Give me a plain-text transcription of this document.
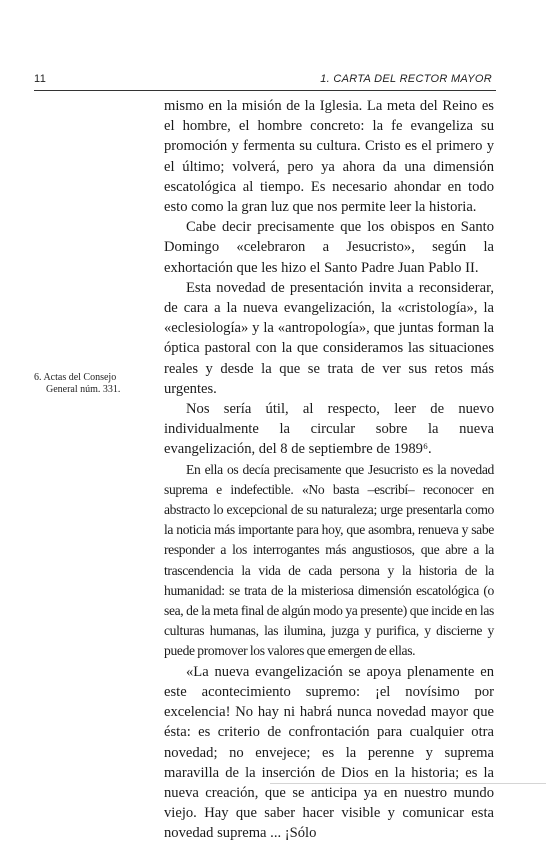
11	1. CARTA DEL RECTOR MAYOR
6. Actas del Consejo
General núm. 331.

mismo en la misión de la Iglesia. La meta del Reino es el hombre, el hombre concreto: la fe evangeliza su promoción y fermenta su cultura. Cristo es el primero y el último; volverá, pero ya ahora da una dimensión escatológica al tiempo. Es necesario ahondar en todo esto como la gran luz que nos permite leer la historia.

Cabe decir precisamente que los obispos en Santo Domingo «celebraron a Jesucristo», según la exhortación que les hizo el Santo Padre Juan Pablo II.

Esta novedad de presentación invita a reconsiderar, de cara a la nueva evangelización, la «cristología», la «eclesiología» y la «antropología», que juntas forman la óptica pastoral con la que consideramos las situaciones reales y desde la que se trata de ver sus retos más urgentes.

Nos sería útil, al respecto, leer de nuevo individualmente la circular sobre la nueva evangelización, del 8 de septiembre de 1989⁶.

En ella os decía precisamente que Jesucristo es la novedad suprema e indefectible. «No basta –escribí– reconocer en abstracto lo excepcional de su naturaleza; urge presentarla como la noticia más importante para hoy, que asombra, renueva y sabe responder a los interrogantes más angustiosos, que abre a la trascendencia la vida de cada persona y la historia de la humanidad: se trata de la misteriosa dimensión escatológica (o sea, de la meta final de algún modo ya presente) que incide en las culturas humanas, las ilumina, juzga y purifica, y discierne y puede promover los valores que emergen de ellas.

«La nueva evangelización se apoya plenamente en este acontecimiento supremo: ¡el novísimo por excelencia! No hay ni habrá nunca novedad mayor que ésta: es criterio de confrontación para cualquier otra novedad; no envejece; es la perenne y suprema maravilla de la inserción de Dios en la historia; es la nueva creación, que se anticipa ya en nuestro mundo viejo. Hay que saber hacer visible y comunicar esta novedad suprema ... ¡Sólo
